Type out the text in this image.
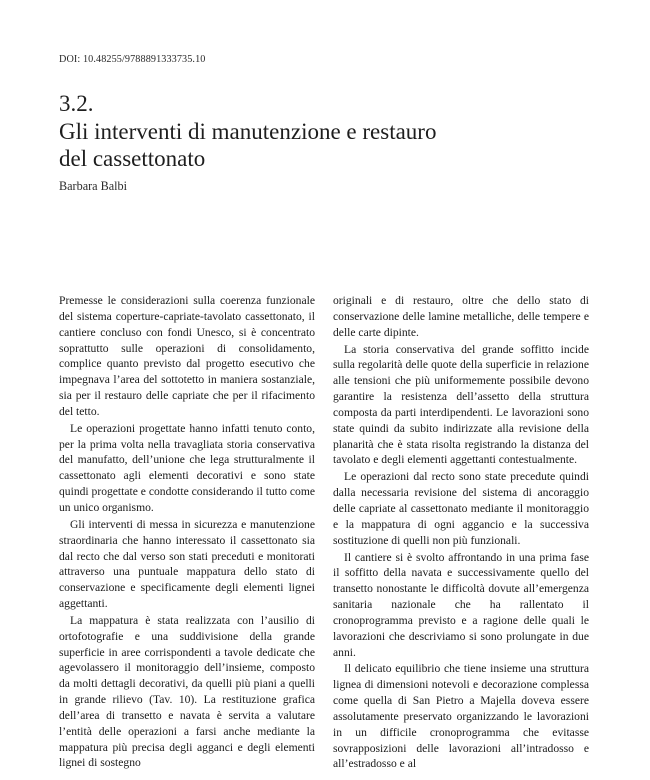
DOI: 10.48255/9788891333735.10
3.2.
Gli interventi di manutenzione e restauro
del cassettonato
Barbara Balbi

Premesse le considerazioni sulla coerenza funzionale del sistema coperture-capriate-tavolato cassettonato, il cantiere concluso con fondi Unesco, si è concentrato soprattutto sulle operazioni di consolidamento, complice quanto previsto dal progetto esecutivo che impegnava l’area del sottotetto in maniera sostanziale, sia per il restauro delle capriate che per il rifacimento del tetto.

Le operazioni progettate hanno infatti tenuto conto, per la prima volta nella travagliata storia conservativa del manufatto, dell’unione che lega strutturalmente il cassettonato agli elementi decorativi e sono state quindi progettate e condotte considerando il tutto come un unico organismo.

Gli interventi di messa in sicurezza e manutenzione straordinaria che hanno interessato il cassettonato sia dal recto che dal verso son stati preceduti e monitorati attraverso una puntuale mappatura dello stato di conservazione e specificamente degli elementi lignei aggettanti.

La mappatura è stata realizzata con l’ausilio di ortofotografie e una suddivisione della grande superficie in aree corrispondenti a tavole dedicate che agevolassero il monitoraggio dell’insieme, composto da molti dettagli decorativi, da quelli più piani a quelli in grande rilievo (Tav. 10). La restituzione grafica dell’area di transetto e navata è servita a valutare l’entità delle operazioni a farsi anche mediante la mappatura più precisa degli agganci e degli elementi lignei di sostegno

originali e di restauro, oltre che dello stato di conservazione delle lamine metalliche, delle tempere e delle carte dipinte.

La storia conservativa del grande soffitto incide sulla regolarità delle quote della superficie in relazione alle tensioni che più uniformemente possibile devono garantire la resistenza dell’assetto della struttura composta da parti interdipendenti. Le lavorazioni sono state quindi da subito indirizzate alla revisione della planarità che è stata risolta registrando la distanza del tavolato e degli elementi aggettanti contestualmente.

Le operazioni dal recto sono state precedute quindi dalla necessaria revisione del sistema di ancoraggio delle capriate al cassettonato mediante il monitoraggio e la mappatura di ogni aggancio e la successiva sostituzione di quelli non più funzionali.

Il cantiere si è svolto affrontando in una prima fase il soffitto della navata e successivamente quello del transetto nonostante le difficoltà dovute all’emergenza sanitaria nazionale che ha rallentato il cronoprogramma previsto e a ragione delle quali le lavorazioni che descriviamo si sono prolungate in due anni.

Il delicato equilibrio che tiene insieme una struttura lignea di dimensioni notevoli e decorazione complessa come quella di San Pietro a Majella doveva essere assolutamente preservato organizzando le lavorazioni in un difficile cronoprogramma che evitasse sovrapposizioni delle lavorazioni all’intradosso e all’estradosso e al
